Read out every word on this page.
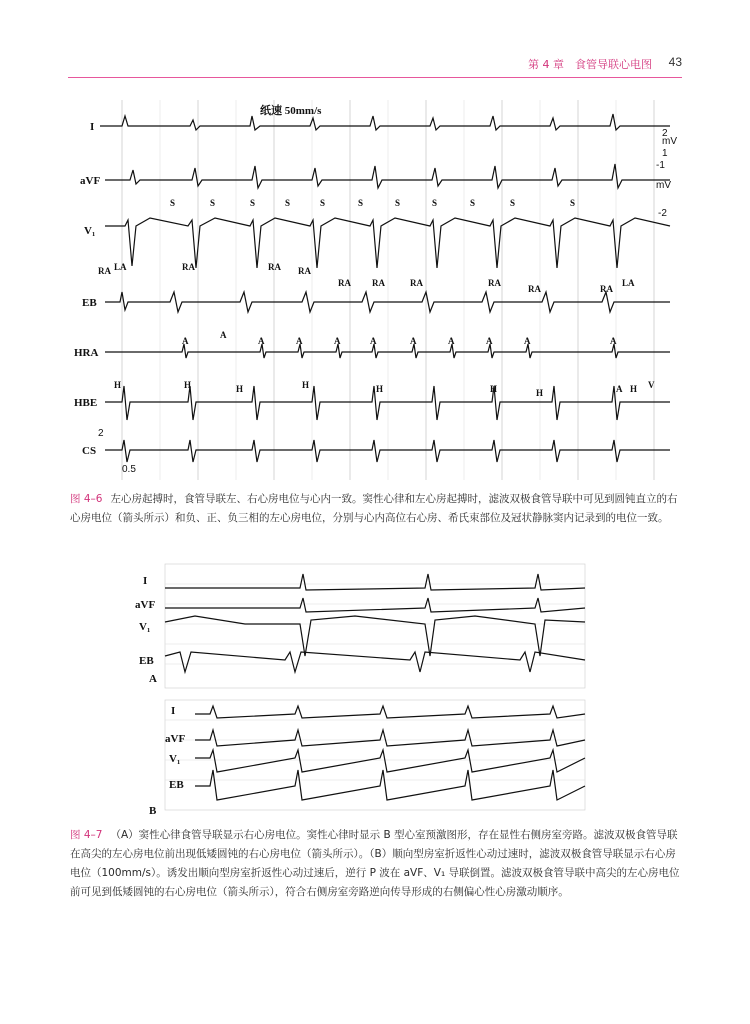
第 4 章　食管导联心电图 43
纸速 50mm/s
I
aVF
S	S	S	S	S	S	S	S	S	S	S
V₁
RA LA	RA	RA RA
RA RA	RA	RA
RA	RA
LA
EB
A
A
A	A	A	A	A	A	A	A	A
HRA
H	H	H	H	H	H	H	A H V
HBE
CS
mV
1
0.5
-1
-2
2
mV
2
图 4–6 左心房起搏时，食管导联左、右心房电位与心内一致。窦性心律和左心房起搏时，滤波双极食管导联中可见到圆钝直立的右心房电位（箭头所示）和负、正、负三相的左心房电位，分别与心内高位右心房、希氏束部位及冠状静脉窦内记录到的电位一致。
I
aVF
V₁
EB
A
I
aVF
V₁
EB
B
图 4–7 （A）窦性心律食管导联显示右心房电位。窦性心律时显示 B 型心室预激图形，存在显性右侧房室旁路。滤波双极食管导联在高尖的左心房电位前出现低矮圆钝的右心房电位（箭头所示）。（B）顺向型房室折返性心动过速时，滤波双极食管导联显示右心房电位（100mm/s）。诱发出顺向型房室折返性心动过速后，逆行 P 波在 aVF、V₁ 导联倒置。滤波双极食管导联中高尖的左心房电位前可见到低矮圆钝的右心房电位（箭头所示），符合右侧房室旁路逆向传导形成的右侧偏心性心房激动顺序。
